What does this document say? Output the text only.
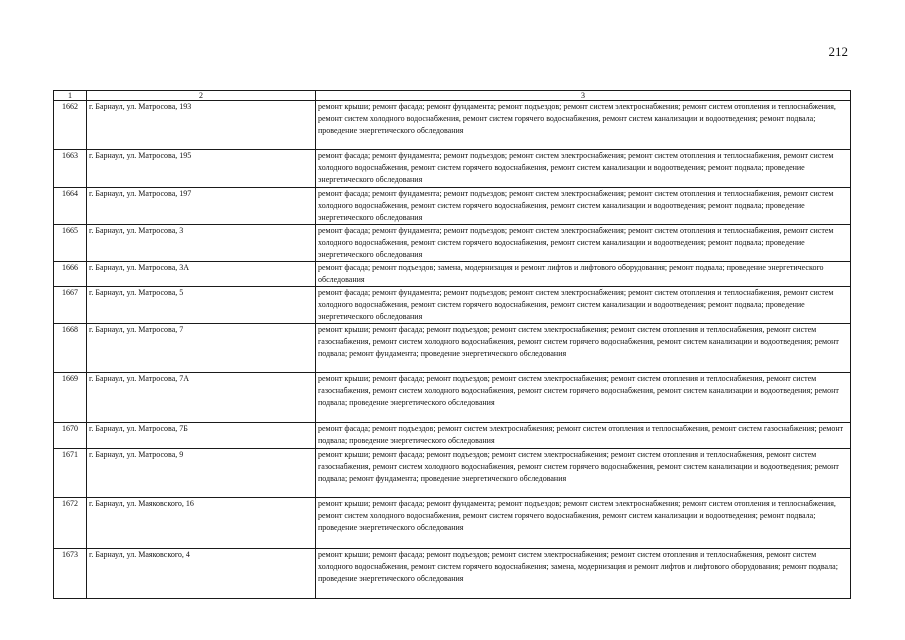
212
1	2	3
1662	г. Барнаул, ул. Матросова, 193	ремонт крыши; ремонт фасада; ремонт фундамента; ремонт подъездов; ремонт систем электроснабжения; ремонт систем отопления и теплоснабжения, ремонт систем холодного водоснабжения, ремонт систем горячего водоснабжения, ремонт систем канализации и водоотведения; ремонт подвала; проведение энергетического обследования
1663	г. Барнаул, ул. Матросова, 195	ремонт фасада; ремонт фундамента; ремонт подъездов; ремонт систем электроснабжения; ремонт систем отопления и теплоснабжения, ремонт систем холодного водоснабжения, ремонт систем горячего водоснабжения, ремонт систем канализации и водоотведения; ремонт подвала; проведение энергетического обследования
1664	г. Барнаул, ул. Матросова, 197	ремонт фасада; ремонт фундамента; ремонт подъездов; ремонт систем электроснабжения; ремонт систем отопления и теплоснабжения, ремонт систем холодного водоснабжения, ремонт систем горячего водоснабжения, ремонт систем канализации и водоотведения; ремонт подвала; проведение энергетического обследования
1665	г. Барнаул, ул. Матросова, 3	ремонт фасада; ремонт фундамента; ремонт подъездов; ремонт систем электроснабжения; ремонт систем отопления и теплоснабжения, ремонт систем холодного водоснабжения, ремонт систем горячего водоснабжения, ремонт систем канализации и водоотведения; ремонт подвала; проведение энергетического обследования
1666	г. Барнаул, ул. Матросова, 3А	ремонт фасада; ремонт подъездов; замена, модернизация и ремонт лифтов и лифтового оборудования; ремонт подвала; проведение энергетического обследования
1667	г. Барнаул, ул. Матросова, 5	ремонт фасада; ремонт фундамента; ремонт подъездов; ремонт систем электроснабжения; ремонт систем отопления и теплоснабжения, ремонт систем холодного водоснабжения, ремонт систем горячего водоснабжения, ремонт систем канализации и водоотведения; ремонт подвала; проведение энергетического обследования
1668	г. Барнаул, ул. Матросова, 7	ремонт крыши; ремонт фасада; ремонт подъездов; ремонт систем электроснабжения; ремонт систем отопления и теплоснабжения, ремонт систем газоснабжения, ремонт систем холодного водоснабжения, ремонт систем горячего водоснабжения, ремонт систем канализации и водоотведения; ремонт подвала; ремонт фундамента; проведение энергетического обследования
1669	г. Барнаул, ул. Матросова, 7А	ремонт крыши; ремонт фасада; ремонт подъездов; ремонт систем электроснабжения; ремонт систем отопления и теплоснабжения, ремонт систем газоснабжения, ремонт систем холодного водоснабжения, ремонт систем горячего водоснабжения, ремонт систем канализации и водоотведения; ремонт подвала; проведение энергетического обследования
1670	г. Барнаул, ул. Матросова, 7Б	ремонт фасада; ремонт подъездов; ремонт систем электроснабжения; ремонт систем отопления и теплоснабжения, ремонт систем газоснабжения; ремонт подвала; проведение энергетического обследования
1671	г. Барнаул, ул. Матросова, 9	ремонт крыши; ремонт фасада; ремонт подъездов; ремонт систем электроснабжения; ремонт систем отопления и теплоснабжения, ремонт систем газоснабжения, ремонт систем холодного водоснабжения, ремонт систем горячего водоснабжения, ремонт систем канализации и водоотведения; ремонт подвала; ремонт фундамента; проведение энергетического обследования
1672	г. Барнаул, ул. Маяковского, 16	ремонт крыши; ремонт фасада; ремонт фундамента; ремонт подъездов; ремонт систем электроснабжения; ремонт систем отопления и теплоснабжения, ремонт систем холодного водоснабжения, ремонт систем горячего водоснабжения, ремонт систем канализации и водоотведения; ремонт подвала; проведение энергетического обследования
1673	г. Барнаул, ул. Маяковского, 4	ремонт крыши; ремонт фасада; ремонт подъездов; ремонт систем электроснабжения; ремонт систем отопления и теплоснабжения, ремонт систем холодного водоснабжения, ремонт систем горячего водоснабжения; замена, модернизация и ремонт лифтов и лифтового оборудования; ремонт подвала; проведение энергетического обследования
